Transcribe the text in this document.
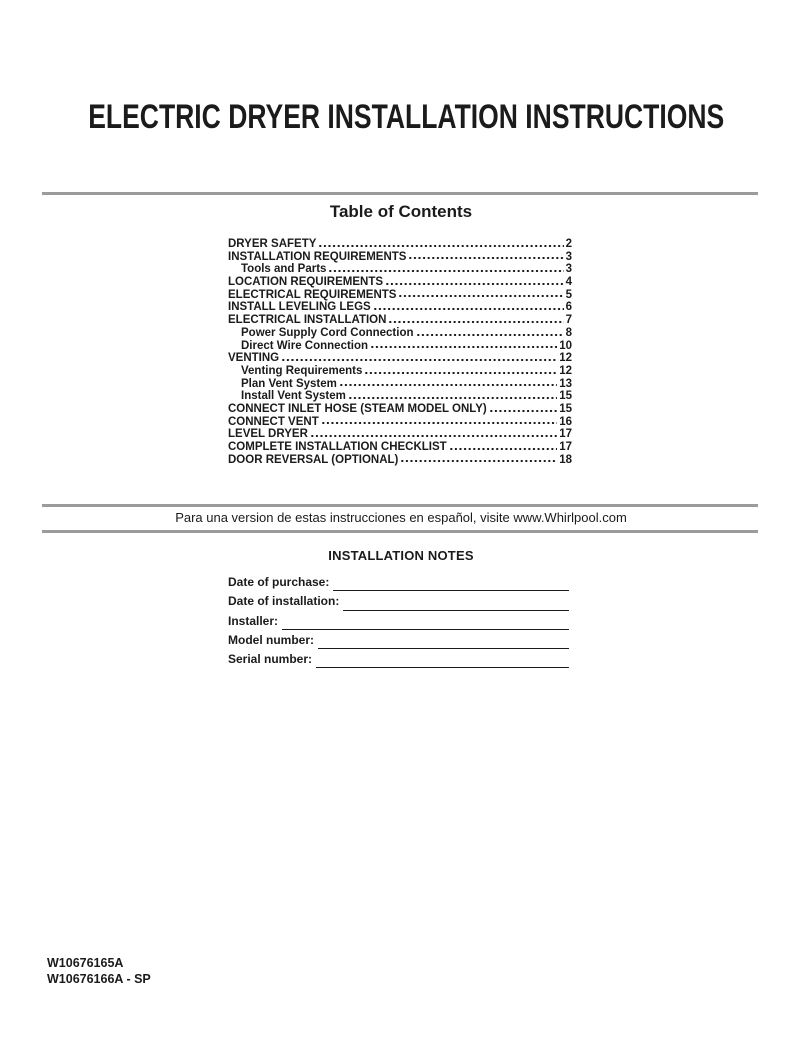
ELECTRIC DRYER INSTALLATION INSTRUCTIONS
Table of Contents
DRYER SAFETY	2
INSTALLATION REQUIREMENTS	3
Tools and Parts	3
LOCATION REQUIREMENTS	4
ELECTRICAL REQUIREMENTS	5
INSTALL LEVELING LEGS	6
ELECTRICAL INSTALLATION	7
Power Supply Cord Connection	8
Direct Wire Connection	10
VENTING	12
Venting Requirements	12
Plan Vent System	13
Install Vent System	15
CONNECT INLET HOSE (STEAM MODEL ONLY)	15
CONNECT VENT	16
LEVEL DRYER	17
COMPLETE INSTALLATION CHECKLIST	17
DOOR REVERSAL (OPTIONAL)	18

Para una version de estas instrucciones en español, visite www.Whirlpool.com

INSTALLATION NOTES
Date of purchase:
Date of installation:
Installer:
Model number:
Serial number:
W10676165A
W10676166A - SP
